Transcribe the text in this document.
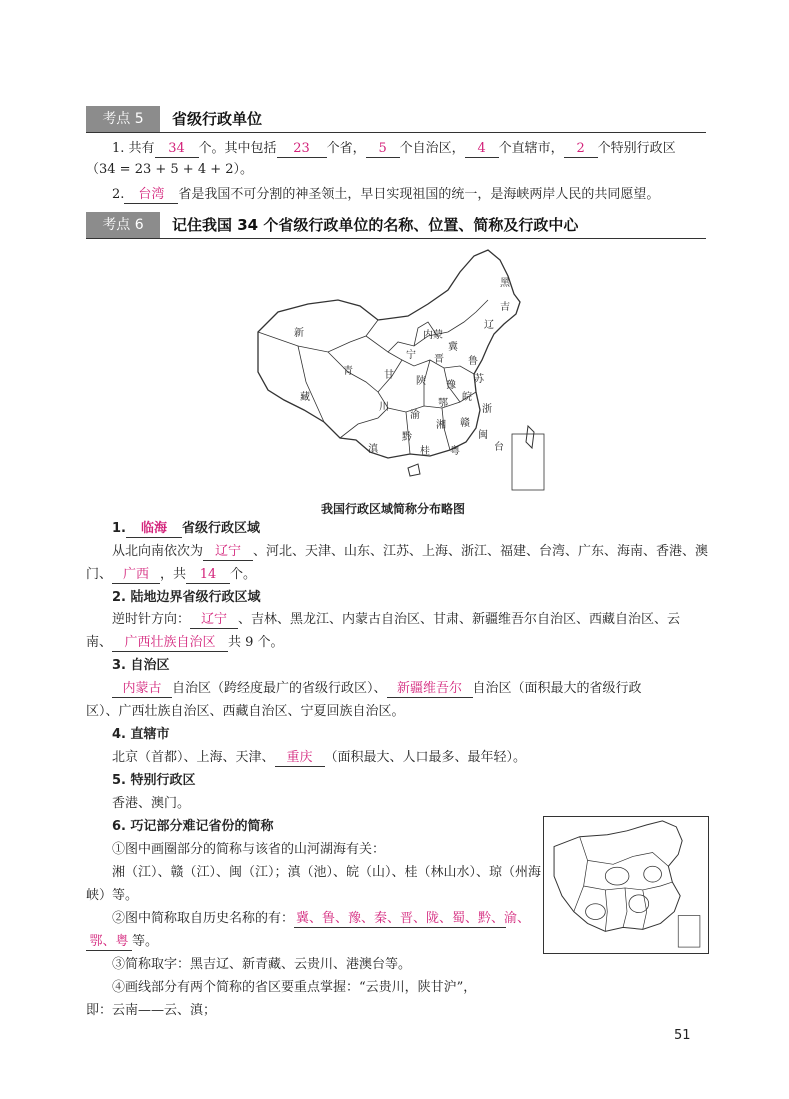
考点 5	省级行政单位
1. 共有 34 个。其中包括 23 个省， 5 个自治区， 4 个直辖市， 2 个特别行政区
（34 = 23 + 5 + 4 + 2）。
2. 台湾 省是我国不可分割的神圣领土，早日实现祖国的统一，是海峡两岸人民的共同愿望。
考点 6	记住我国 34 个省级行政单位的名称、位置、简称及行政中心
新
藏
青	甘
川
内蒙
黑
吉
辽
晋
冀
鲁
宁
陕 豫
苏
皖
鄂
浙
渝
湘 赣
闽
黔
滇	桂 粤	台
我国行政区域简称分布略图
1. 临海 省级行政区域
从北向南依次为 辽宁 、河北、天津、山东、江苏、上海、浙江、福建、台湾、广东、海南、香港、澳
门、 广西 ，共 14 个。
2. 陆地边界省级行政区域
逆时针方向： 辽宁 、吉林、黑龙江、内蒙古自治区、甘肃、新疆维吾尔自治区、西藏自治区、云
南、 广西壮族自治区 共 9 个。
3. 自治区
内蒙古 自治区（跨经度最广的省级行政区）、 新疆维吾尔 自治区（面积最大的省级行政
区）、广西壮族自治区、西藏自治区、宁夏回族自治区。
4. 直辖市
北京（首都）、上海、天津、 重庆 （面积最大、人口最多、最年轻）。
5. 特别行政区
香港、澳门。
6. 巧记部分难记省份的简称
①图中画圈部分的简称与该省的山河湖海有关：
湘（江）、赣（江）、闽（江）；滇（池）、皖（山）、桂（林山水）、琼（州海
峡）等。
②图中简称取自历史名称的有： 冀、鲁、豫、秦、晋、陇、蜀、黔、渝、
鄂、粤 等。
③简称取字：黑吉辽、新青藏、云贵川、港澳台等。
④画线部分有两个简称的省区要重点掌握：“云贵川，陕甘沪”，
即：云南——云、滇；
51
